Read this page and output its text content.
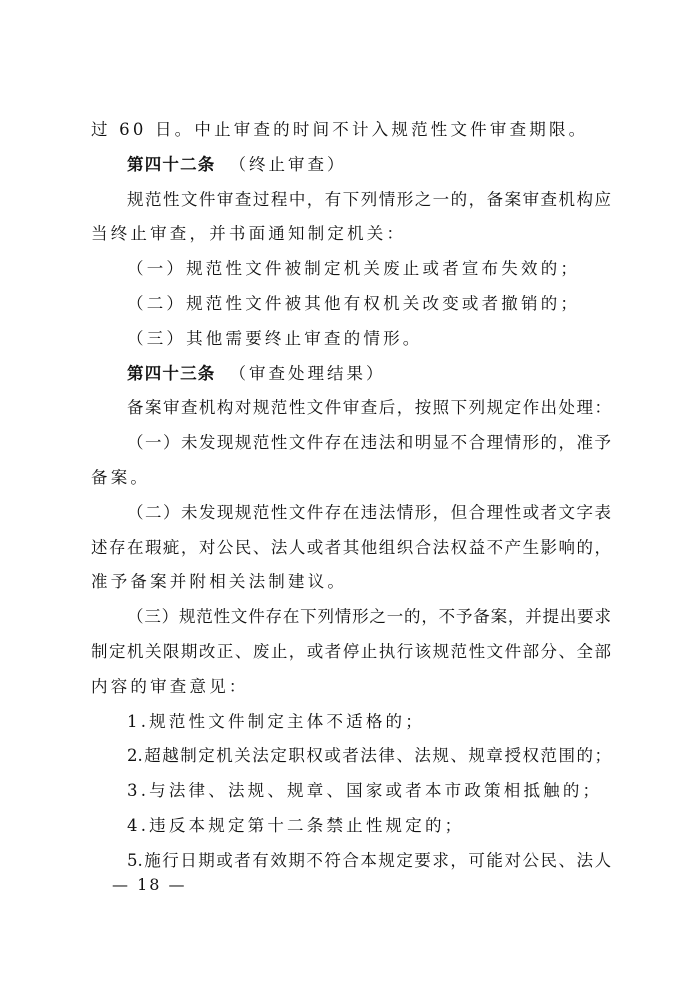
过 60 日。中止审查的时间不计入规范性文件审查期限。
第四十二条 （终止审查）
规范性文件审查过程中，有下列情形之一的，备案审查机构应
当终止审查，并书面通知制定机关：
（一）规范性文件被制定机关废止或者宣布失效的；
（二）规范性文件被其他有权机关改变或者撤销的；
（三）其他需要终止审查的情形。
第四十三条 （审查处理结果）
备案审查机构对规范性文件审查后，按照下列规定作出处理：
（一）未发现规范性文件存在违法和明显不合理情形的，准予
备案。
（二）未发现规范性文件存在违法情形，但合理性或者文字表
述存在瑕疵，对公民、法人或者其他组织合法权益不产生影响的，
准予备案并附相关法制建议。
（三）规范性文件存在下列情形之一的，不予备案，并提出要求
制定机关限期改正、废止，或者停止执行该规范性文件部分、全部
内容的审查意见：
1.规范性文件制定主体不适格的；
2.超越制定机关法定职权或者法律、法规、规章授权范围的；
3.与法律、法规、规章、国家或者本市政策相抵触的；
4.违反本规定第十二条禁止性规定的；
5.施行日期或者有效期不符合本规定要求，可能对公民、法人
— 18 —
